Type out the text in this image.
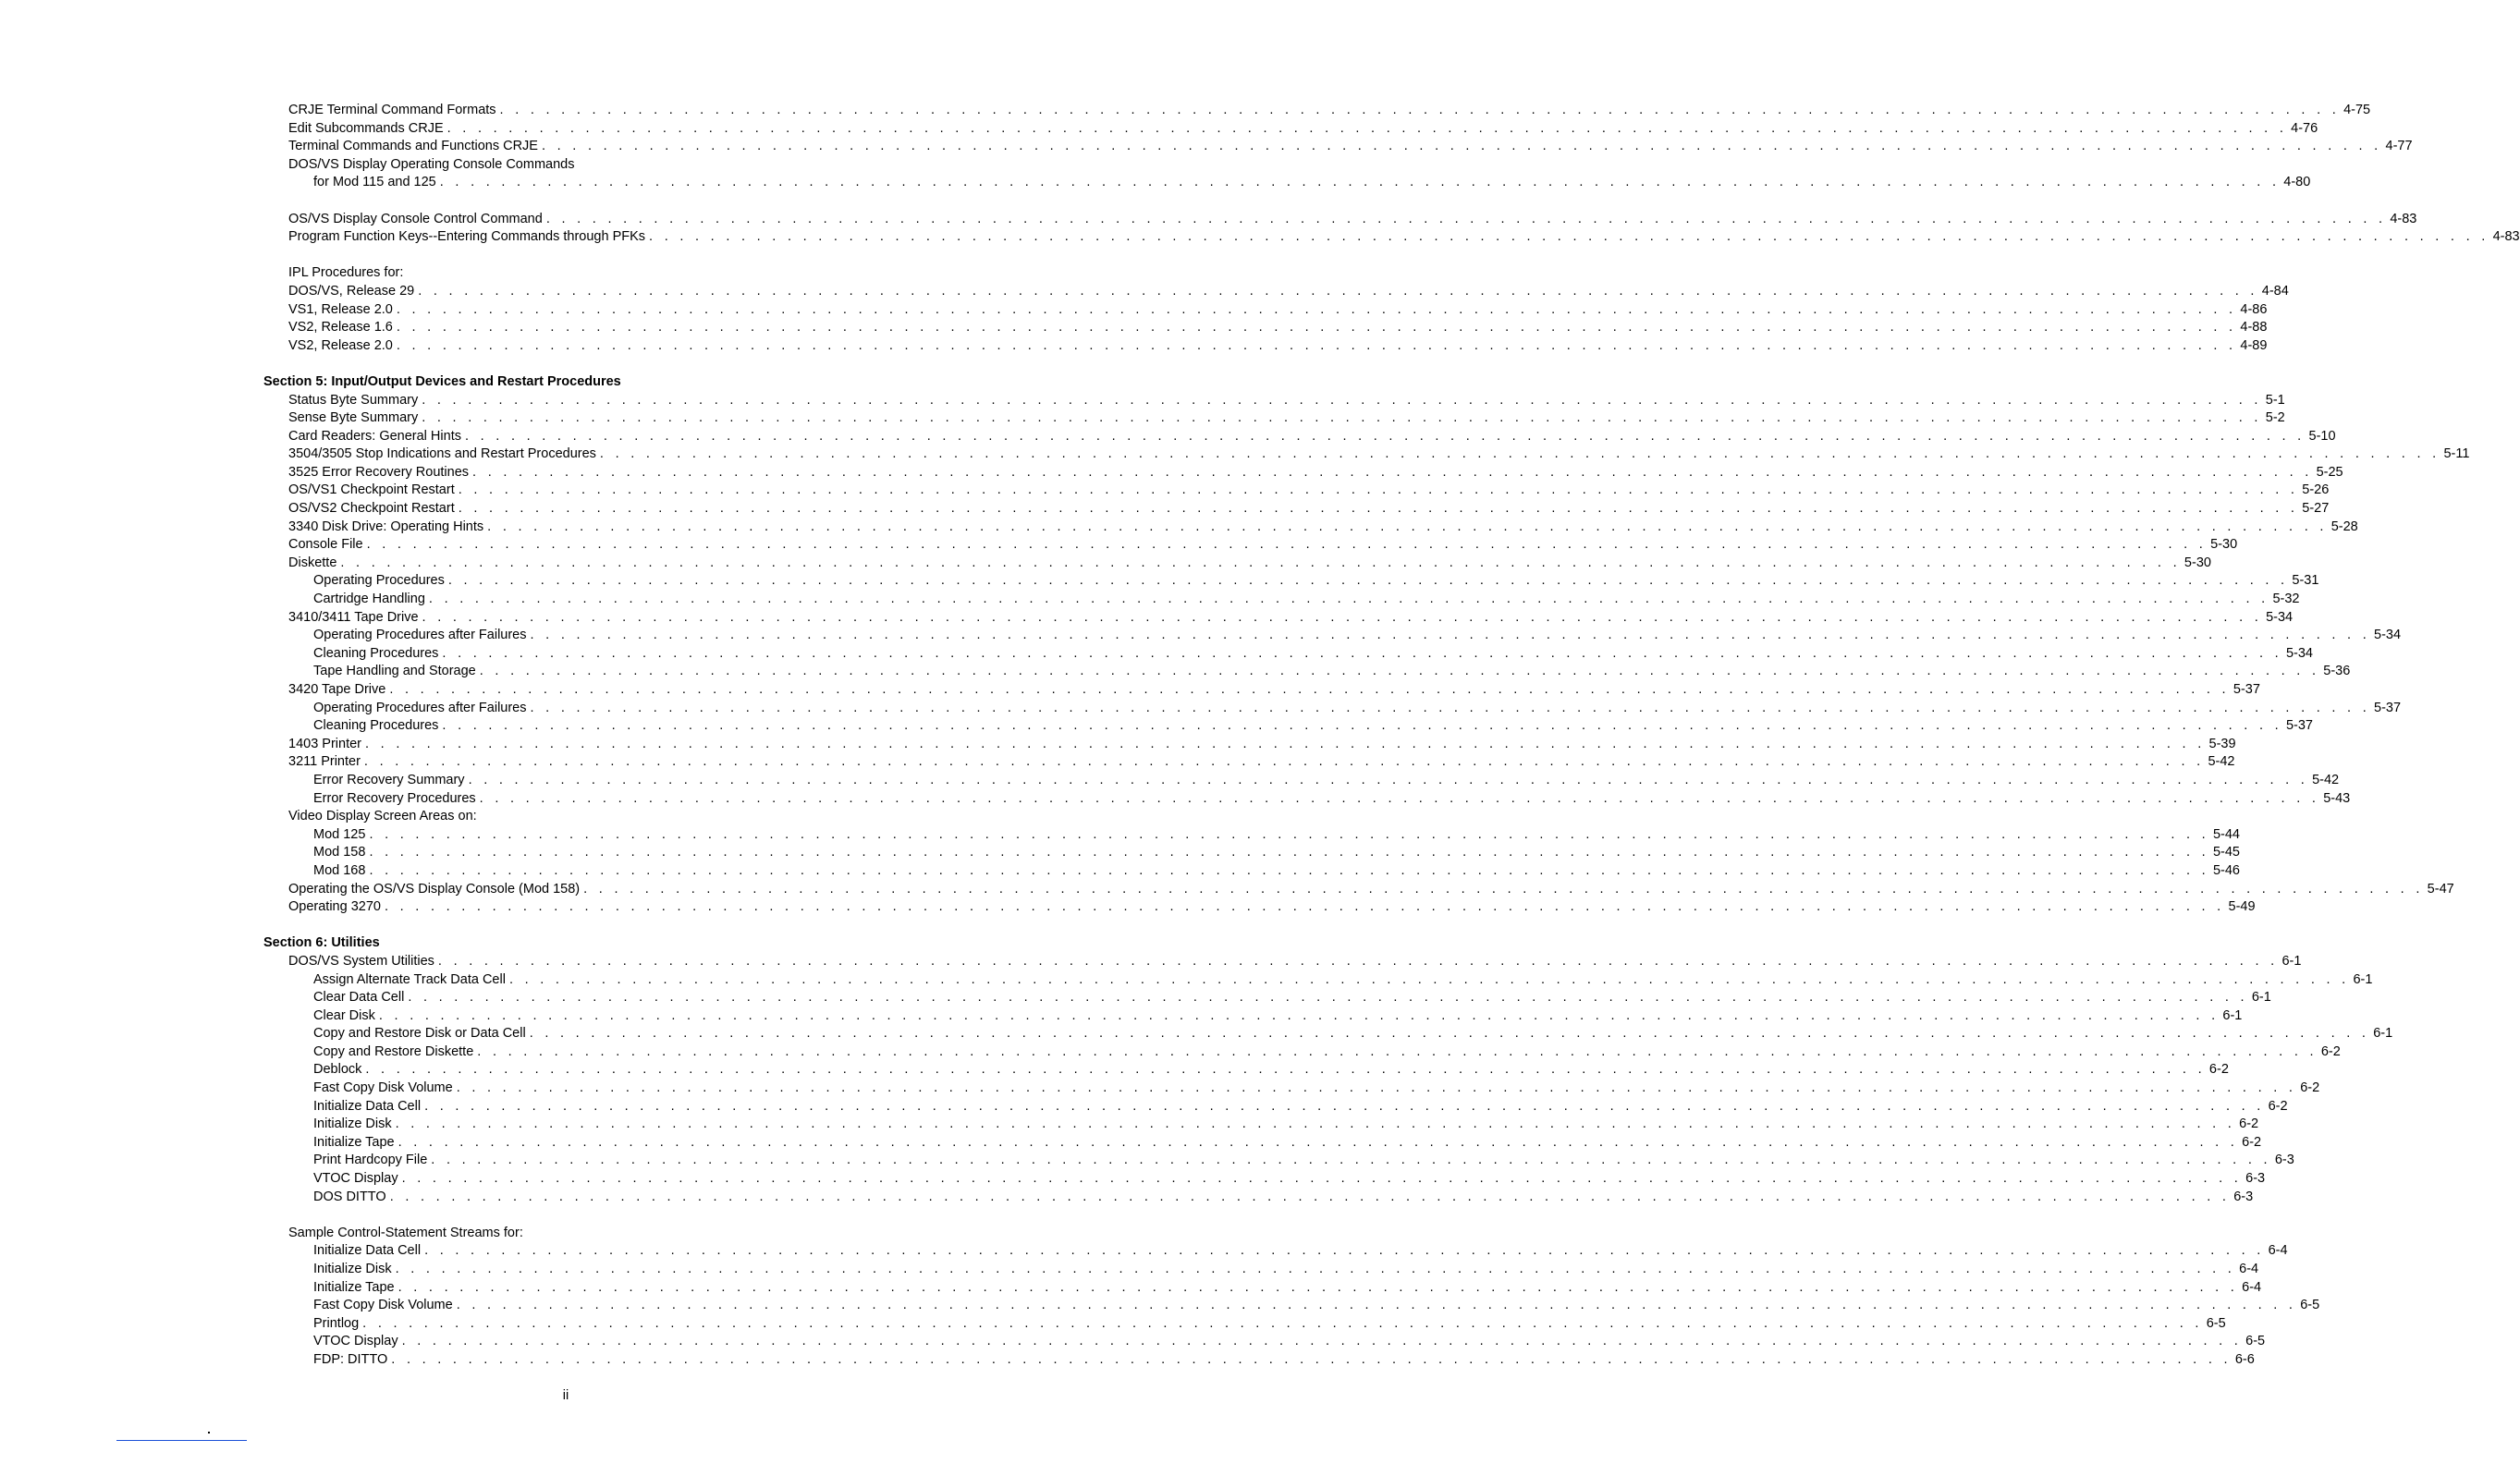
CRJE Terminal Command Formats . . . . . . . . . . . . . . . . . . . . . . . . . . . . . . . . . . . . . . . . . . . . . . . . . . . . . . . . . . . . . . . . . . . . . . . . . . . . . . . . . . . . . . . . . . . . . . . . . . . . . . . . . . . . . . . . . . . . . . . . 4-75
Edit Subcommands CRJE . . . . . . . . . . . . . . . . . . . . . . . . . . . . . . . . . . . . . . . . . . . . . . . . . . . . . . . . . . . . . . . . . . . . . . . . . . . . . . . . . . . . . . . . . . . . . . . . . . . . . . . . . . . . . . . . . . . . . . . . 4-76
Terminal Commands and Functions CRJE . . . . . . . . . . . . . . . . . . . . . . . . . . . . . . . . . . . . . . . . . . . . . . . . . . . . . . . . . . . . . . . . . . . . . . . . . . . . . . . . . . . . . . . . . . . . . . . . . . . . . . . . . . . . . . . . . . . . . . . . 4-77
DOS/VS Display Operating Console Commands
for Mod 115 and 125 . . . . . . . . . . . . . . . . . . . . . . . . . . . . . . . . . . . . . . . . . . . . . . . . . . . . . . . . . . . . . . . . . . . . . . . . . . . . . . . . . . . . . . . . . . . . . . . . . . . . . . . . . . . . . . . . . . . . . . . . 4-80
OS/VS Display Console Control Command . . . . . . . . . . . . . . . . . . . . . . . . . . . . . . . . . . . . . . . . . . . . . . . . . . . . . . . . . . . . . . . . . . . . . . . . . . . . . . . . . . . . . . . . . . . . . . . . . . . . . . . . . . . . . . . . . . . . . . . . 4-83
Program Function Keys--Entering Commands through PFKs . . . . . . . . . . . . . . . . . . . . . . . . . . . . . . . . . . . . . . . . . . . . . . . . . . . . . . . . . . . . . . . . . . . . . . . . . . . . . . . . . . . . . . . . . . . . . . . . . . . . . . . . . . . . . . . . . . . . . . . . 4-83
IPL Procedures for:
DOS/VS, Release 29 . . . . . . . . . . . . . . . . . . . . . . . . . . . . . . . . . . . . . . . . . . . . . . . . . . . . . . . . . . . . . . . . . . . . . . . . . . . . . . . . . . . . . . . . . . . . . . . . . . . . . . . . . . . . . . . . . . . . . . . . 4-84
VS1, Release 2.0 . . . . . . . . . . . . . . . . . . . . . . . . . . . . . . . . . . . . . . . . . . . . . . . . . . . . . . . . . . . . . . . . . . . . . . . . . . . . . . . . . . . . . . . . . . . . . . . . . . . . . . . . . . . . . . . . . . . . . . . . 4-86
VS2, Release 1.6 . . . . . . . . . . . . . . . . . . . . . . . . . . . . . . . . . . . . . . . . . . . . . . . . . . . . . . . . . . . . . . . . . . . . . . . . . . . . . . . . . . . . . . . . . . . . . . . . . . . . . . . . . . . . . . . . . . . . . . . . 4-88
VS2, Release 2.0 . . . . . . . . . . . . . . . . . . . . . . . . . . . . . . . . . . . . . . . . . . . . . . . . . . . . . . . . . . . . . . . . . . . . . . . . . . . . . . . . . . . . . . . . . . . . . . . . . . . . . . . . . . . . . . . . . . . . . . . . 4-89
Section 5: Input/Output Devices and Restart Procedures
Status Byte Summary . . . . . . . . . . . . . . . . . . . . . . . . . . . . . . . . . . . . . . . . . . . . . . . . . . . . . . . . . . . . . . . . . . . . . . . . . . . . . . . . . . . . . . . . . . . . . . . . . . . . . . . . . . . . . . . . . . . . . . . . 5-1
Sense Byte Summary . . . . . . . . . . . . . . . . . . . . . . . . . . . . . . . . . . . . . . . . . . . . . . . . . . . . . . . . . . . . . . . . . . . . . . . . . . . . . . . . . . . . . . . . . . . . . . . . . . . . . . . . . . . . . . . . . . . . . . . . 5-2
Card Readers: General Hints . . . . . . . . . . . . . . . . . . . . . . . . . . . . . . . . . . . . . . . . . . . . . . . . . . . . . . . . . . . . . . . . . . . . . . . . . . . . . . . . . . . . . . . . . . . . . . . . . . . . . . . . . . . . . . . . . . . . . . . . 5-10
3504/3505 Stop Indications and Restart Procedures . . . . . . . . . . . . . . . . . . . . . . . . . . . . . . . . . . . . . . . . . . . . . . . . . . . . . . . . . . . . . . . . . . . . . . . . . . . . . . . . . . . . . . . . . . . . . . . . . . . . . . . . . . . . . . . . . . . . . . . . 5-11
3525 Error Recovery Routines . . . . . . . . . . . . . . . . . . . . . . . . . . . . . . . . . . . . . . . . . . . . . . . . . . . . . . . . . . . . . . . . . . . . . . . . . . . . . . . . . . . . . . . . . . . . . . . . . . . . . . . . . . . . . . . . . . . . . . . . 5-25
OS/VS1 Checkpoint Restart . . . . . . . . . . . . . . . . . . . . . . . . . . . . . . . . . . . . . . . . . . . . . . . . . . . . . . . . . . . . . . . . . . . . . . . . . . . . . . . . . . . . . . . . . . . . . . . . . . . . . . . . . . . . . . . . . . . . . . . . 5-26
OS/VS2 Checkpoint Restart . . . . . . . . . . . . . . . . . . . . . . . . . . . . . . . . . . . . . . . . . . . . . . . . . . . . . . . . . . . . . . . . . . . . . . . . . . . . . . . . . . . . . . . . . . . . . . . . . . . . . . . . . . . . . . . . . . . . . . . . 5-27
3340 Disk Drive: Operating Hints . . . . . . . . . . . . . . . . . . . . . . . . . . . . . . . . . . . . . . . . . . . . . . . . . . . . . . . . . . . . . . . . . . . . . . . . . . . . . . . . . . . . . . . . . . . . . . . . . . . . . . . . . . . . . . . . . . . . . . . . 5-28
Console File . . . . . . . . . . . . . . . . . . . . . . . . . . . . . . . . . . . . . . . . . . . . . . . . . . . . . . . . . . . . . . . . . . . . . . . . . . . . . . . . . . . . . . . . . . . . . . . . . . . . . . . . . . . . . . . . . . . . . . . . 5-30
Diskette . . . . . . . . . . . . . . . . . . . . . . . . . . . . . . . . . . . . . . . . . . . . . . . . . . . . . . . . . . . . . . . . . . . . . . . . . . . . . . . . . . . . . . . . . . . . . . . . . . . . . . . . . . . . . . . . . . . . . . . . 5-30
Operating Procedures . . . . . . . . . . . . . . . . . . . . . . . . . . . . . . . . . . . . . . . . . . . . . . . . . . . . . . . . . . . . . . . . . . . . . . . . . . . . . . . . . . . . . . . . . . . . . . . . . . . . . . . . . . . . . . . . . . . . . . . . 5-31
Cartridge Handling . . . . . . . . . . . . . . . . . . . . . . . . . . . . . . . . . . . . . . . . . . . . . . . . . . . . . . . . . . . . . . . . . . . . . . . . . . . . . . . . . . . . . . . . . . . . . . . . . . . . . . . . . . . . . . . . . . . . . . . . 5-32
3410/3411 Tape Drive . . . . . . . . . . . . . . . . . . . . . . . . . . . . . . . . . . . . . . . . . . . . . . . . . . . . . . . . . . . . . . . . . . . . . . . . . . . . . . . . . . . . . . . . . . . . . . . . . . . . . . . . . . . . . . . . . . . . . . . . 5-34
Operating Procedures after Failures . . . . . . . . . . . . . . . . . . . . . . . . . . . . . . . . . . . . . . . . . . . . . . . . . . . . . . . . . . . . . . . . . . . . . . . . . . . . . . . . . . . . . . . . . . . . . . . . . . . . . . . . . . . . . . . . . . . . . . . . 5-34
Cleaning Procedures . . . . . . . . . . . . . . . . . . . . . . . . . . . . . . . . . . . . . . . . . . . . . . . . . . . . . . . . . . . . . . . . . . . . . . . . . . . . . . . . . . . . . . . . . . . . . . . . . . . . . . . . . . . . . . . . . . . . . . . . 5-34
Tape Handling and Storage . . . . . . . . . . . . . . . . . . . . . . . . . . . . . . . . . . . . . . . . . . . . . . . . . . . . . . . . . . . . . . . . . . . . . . . . . . . . . . . . . . . . . . . . . . . . . . . . . . . . . . . . . . . . . . . . . . . . . . . . 5-36
3420 Tape Drive . . . . . . . . . . . . . . . . . . . . . . . . . . . . . . . . . . . . . . . . . . . . . . . . . . . . . . . . . . . . . . . . . . . . . . . . . . . . . . . . . . . . . . . . . . . . . . . . . . . . . . . . . . . . . . . . . . . . . . . . 5-37
Operating Procedures after Failures . . . . . . . . . . . . . . . . . . . . . . . . . . . . . . . . . . . . . . . . . . . . . . . . . . . . . . . . . . . . . . . . . . . . . . . . . . . . . . . . . . . . . . . . . . . . . . . . . . . . . . . . . . . . . . . . . . . . . . . . 5-37
Cleaning Procedures . . . . . . . . . . . . . . . . . . . . . . . . . . . . . . . . . . . . . . . . . . . . . . . . . . . . . . . . . . . . . . . . . . . . . . . . . . . . . . . . . . . . . . . . . . . . . . . . . . . . . . . . . . . . . . . . . . . . . . . . 5-37
1403 Printer . . . . . . . . . . . . . . . . . . . . . . . . . . . . . . . . . . . . . . . . . . . . . . . . . . . . . . . . . . . . . . . . . . . . . . . . . . . . . . . . . . . . . . . . . . . . . . . . . . . . . . . . . . . . . . . . . . . . . . . . 5-39
3211 Printer . . . . . . . . . . . . . . . . . . . . . . . . . . . . . . . . . . . . . . . . . . . . . . . . . . . . . . . . . . . . . . . . . . . . . . . . . . . . . . . . . . . . . . . . . . . . . . . . . . . . . . . . . . . . . . . . . . . . . . . . 5-42
Error Recovery Summary . . . . . . . . . . . . . . . . . . . . . . . . . . . . . . . . . . . . . . . . . . . . . . . . . . . . . . . . . . . . . . . . . . . . . . . . . . . . . . . . . . . . . . . . . . . . . . . . . . . . . . . . . . . . . . . . . . . . . . . . 5-42
Error Recovery Procedures . . . . . . . . . . . . . . . . . . . . . . . . . . . . . . . . . . . . . . . . . . . . . . . . . . . . . . . . . . . . . . . . . . . . . . . . . . . . . . . . . . . . . . . . . . . . . . . . . . . . . . . . . . . . . . . . . . . . . . . . 5-43
Video Display Screen Areas on:
Mod 125 . . . . . . . . . . . . . . . . . . . . . . . . . . . . . . . . . . . . . . . . . . . . . . . . . . . . . . . . . . . . . . . . . . . . . . . . . . . . . . . . . . . . . . . . . . . . . . . . . . . . . . . . . . . . . . . . . . . . . . . . 5-44
Mod 158 . . . . . . . . . . . . . . . . . . . . . . . . . . . . . . . . . . . . . . . . . . . . . . . . . . . . . . . . . . . . . . . . . . . . . . . . . . . . . . . . . . . . . . . . . . . . . . . . . . . . . . . . . . . . . . . . . . . . . . . . 5-45
Mod 168 . . . . . . . . . . . . . . . . . . . . . . . . . . . . . . . . . . . . . . . . . . . . . . . . . . . . . . . . . . . . . . . . . . . . . . . . . . . . . . . . . . . . . . . . . . . . . . . . . . . . . . . . . . . . . . . . . . . . . . . . 5-46
Operating the OS/VS Display Console (Mod 158) . . . . . . . . . . . . . . . . . . . . . . . . . . . . . . . . . . . . . . . . . . . . . . . . . . . . . . . . . . . . . . . . . . . . . . . . . . . . . . . . . . . . . . . . . . . . . . . . . . . . . . . . . . . . . . . . . . . . . . . . 5-47
Operating 3270 . . . . . . . . . . . . . . . . . . . . . . . . . . . . . . . . . . . . . . . . . . . . . . . . . . . . . . . . . . . . . . . . . . . . . . . . . . . . . . . . . . . . . . . . . . . . . . . . . . . . . . . . . . . . . . . . . . . . . . . . 5-49
Section 6: Utilities
DOS/VS System Utilities . . . . . . . . . . . . . . . . . . . . . . . . . . . . . . . . . . . . . . . . . . . . . . . . . . . . . . . . . . . . . . . . . . . . . . . . . . . . . . . . . . . . . . . . . . . . . . . . . . . . . . . . . . . . . . . . . . . . . . . . 6-1
Assign Alternate Track Data Cell . . . . . . . . . . . . . . . . . . . . . . . . . . . . . . . . . . . . . . . . . . . . . . . . . . . . . . . . . . . . . . . . . . . . . . . . . . . . . . . . . . . . . . . . . . . . . . . . . . . . . . . . . . . . . . . . . . . . . . . . 6-1
Clear Data Cell . . . . . . . . . . . . . . . . . . . . . . . . . . . . . . . . . . . . . . . . . . . . . . . . . . . . . . . . . . . . . . . . . . . . . . . . . . . . . . . . . . . . . . . . . . . . . . . . . . . . . . . . . . . . . . . . . . . . . . . . 6-1
Clear Disk . . . . . . . . . . . . . . . . . . . . . . . . . . . . . . . . . . . . . . . . . . . . . . . . . . . . . . . . . . . . . . . . . . . . . . . . . . . . . . . . . . . . . . . . . . . . . . . . . . . . . . . . . . . . . . . . . . . . . . . . 6-1
Copy and Restore Disk or Data Cell . . . . . . . . . . . . . . . . . . . . . . . . . . . . . . . . . . . . . . . . . . . . . . . . . . . . . . . . . . . . . . . . . . . . . . . . . . . . . . . . . . . . . . . . . . . . . . . . . . . . . . . . . . . . . . . . . . . . . . . . 6-1
Copy and Restore Diskette . . . . . . . . . . . . . . . . . . . . . . . . . . . . . . . . . . . . . . . . . . . . . . . . . . . . . . . . . . . . . . . . . . . . . . . . . . . . . . . . . . . . . . . . . . . . . . . . . . . . . . . . . . . . . . . . . . . . . . . . 6-2
Deblock . . . . . . . . . . . . . . . . . . . . . . . . . . . . . . . . . . . . . . . . . . . . . . . . . . . . . . . . . . . . . . . . . . . . . . . . . . . . . . . . . . . . . . . . . . . . . . . . . . . . . . . . . . . . . . . . . . . . . . . . 6-2
Fast Copy Disk Volume . . . . . . . . . . . . . . . . . . . . . . . . . . . . . . . . . . . . . . . . . . . . . . . . . . . . . . . . . . . . . . . . . . . . . . . . . . . . . . . . . . . . . . . . . . . . . . . . . . . . . . . . . . . . . . . . . . . . . . . . 6-2
Initialize Data Cell . . . . . . . . . . . . . . . . . . . . . . . . . . . . . . . . . . . . . . . . . . . . . . . . . . . . . . . . . . . . . . . . . . . . . . . . . . . . . . . . . . . . . . . . . . . . . . . . . . . . . . . . . . . . . . . . . . . . . . . . 6-2
Initialize Disk . . . . . . . . . . . . . . . . . . . . . . . . . . . . . . . . . . . . . . . . . . . . . . . . . . . . . . . . . . . . . . . . . . . . . . . . . . . . . . . . . . . . . . . . . . . . . . . . . . . . . . . . . . . . . . . . . . . . . . . . 6-2
Initialize Tape . . . . . . . . . . . . . . . . . . . . . . . . . . . . . . . . . . . . . . . . . . . . . . . . . . . . . . . . . . . . . . . . . . . . . . . . . . . . . . . . . . . . . . . . . . . . . . . . . . . . . . . . . . . . . . . . . . . . . . . . 6-2
Print Hardcopy File . . . . . . . . . . . . . . . . . . . . . . . . . . . . . . . . . . . . . . . . . . . . . . . . . . . . . . . . . . . . . . . . . . . . . . . . . . . . . . . . . . . . . . . . . . . . . . . . . . . . . . . . . . . . . . . . . . . . . . . . 6-3
VTOC Display . . . . . . . . . . . . . . . . . . . . . . . . . . . . . . . . . . . . . . . . . . . . . . . . . . . . . . . . . . . . . . . . . . . . . . . . . . . . . . . . . . . . . . . . . . . . . . . . . . . . . . . . . . . . . . . . . . . . . . . . 6-3
DOS DITTO . . . . . . . . . . . . . . . . . . . . . . . . . . . . . . . . . . . . . . . . . . . . . . . . . . . . . . . . . . . . . . . . . . . . . . . . . . . . . . . . . . . . . . . . . . . . . . . . . . . . . . . . . . . . . . . . . . . . . . . . 6-3
Sample Control-Statement Streams for:
Initialize Data Cell . . . . . . . . . . . . . . . . . . . . . . . . . . . . . . . . . . . . . . . . . . . . . . . . . . . . . . . . . . . . . . . . . . . . . . . . . . . . . . . . . . . . . . . . . . . . . . . . . . . . . . . . . . . . . . . . . . . . . . . . 6-4
Initialize Disk . . . . . . . . . . . . . . . . . . . . . . . . . . . . . . . . . . . . . . . . . . . . . . . . . . . . . . . . . . . . . . . . . . . . . . . . . . . . . . . . . . . . . . . . . . . . . . . . . . . . . . . . . . . . . . . . . . . . . . . . 6-4
Initialize Tape . . . . . . . . . . . . . . . . . . . . . . . . . . . . . . . . . . . . . . . . . . . . . . . . . . . . . . . . . . . . . . . . . . . . . . . . . . . . . . . . . . . . . . . . . . . . . . . . . . . . . . . . . . . . . . . . . . . . . . . . 6-4
Fast Copy Disk Volume . . . . . . . . . . . . . . . . . . . . . . . . . . . . . . . . . . . . . . . . . . . . . . . . . . . . . . . . . . . . . . . . . . . . . . . . . . . . . . . . . . . . . . . . . . . . . . . . . . . . . . . . . . . . . . . . . . . . . . . . 6-5
Printlog . . . . . . . . . . . . . . . . . . . . . . . . . . . . . . . . . . . . . . . . . . . . . . . . . . . . . . . . . . . . . . . . . . . . . . . . . . . . . . . . . . . . . . . . . . . . . . . . . . . . . . . . . . . . . . . . . . . . . . . . 6-5
VTOC Display . . . . . . . . . . . . . . . . . . . . . . . . . . . . . . . . . . . . . . . . . . . . . . . . . . . . . . . . . . . . . . . . . . . . . . . . . . . . . . . . . . . . . . . . . . . . . . . . . . . . . . . . . . . . . . . . . . . . . . . . 6-5
FDP: DITTO . . . . . . . . . . . . . . . . . . . . . . . . . . . . . . . . . . . . . . . . . . . . . . . . . . . . . . . . . . . . . . . . . . . . . . . . . . . . . . . . . . . . . . . . . . . . . . . . . . . . . . . . . . . . . . . . . . . . . . . . 6-6
ii
